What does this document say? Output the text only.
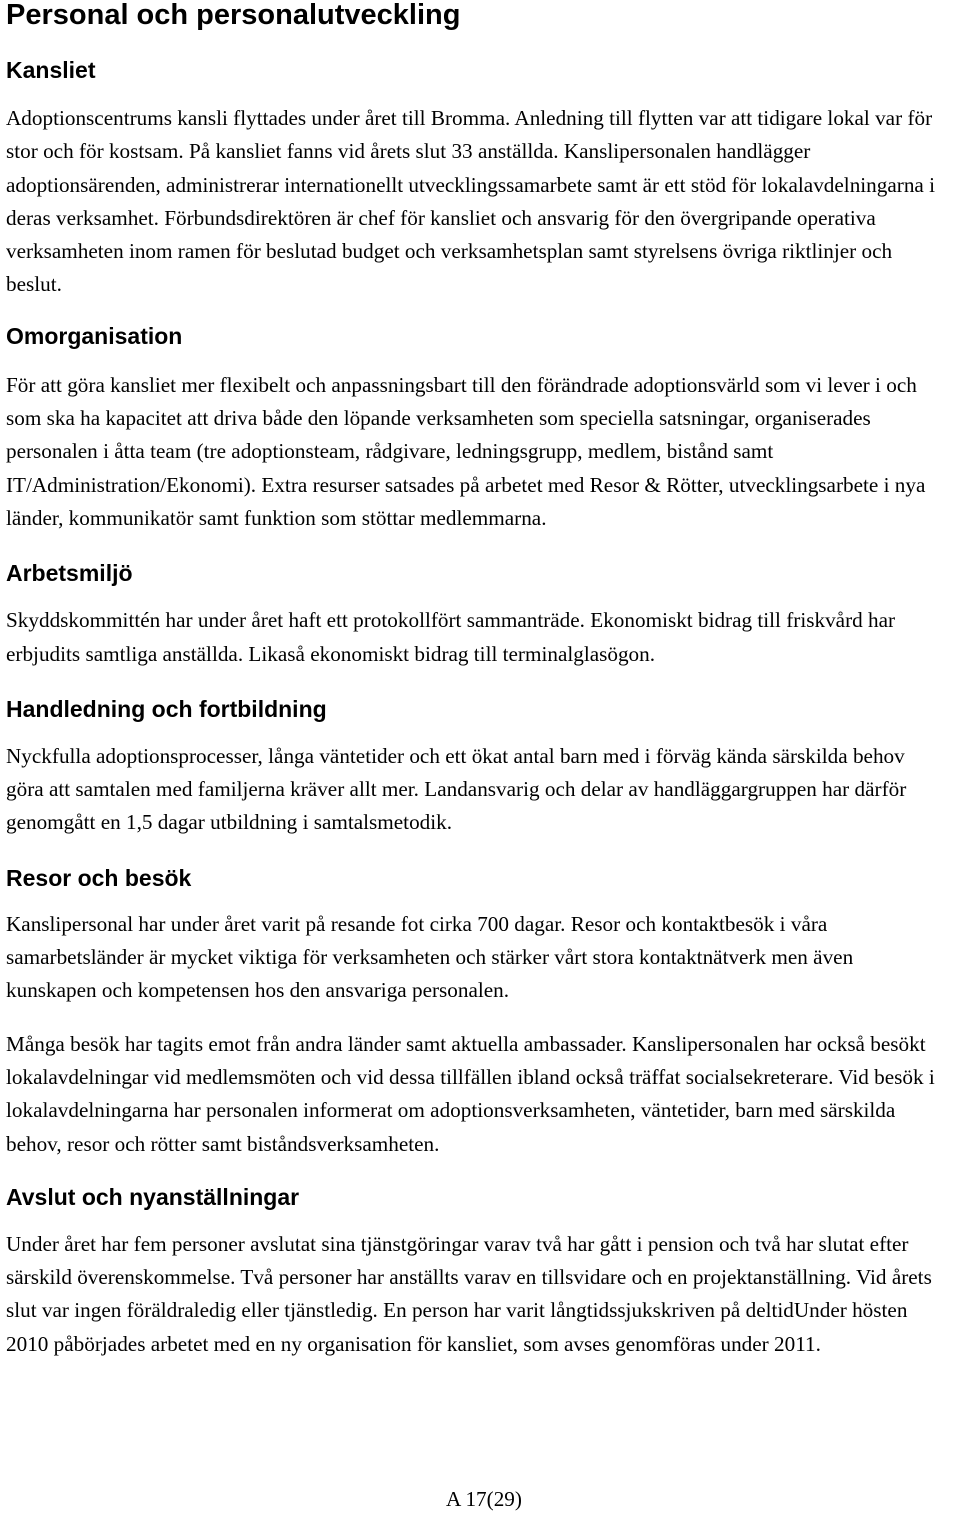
Personal och personalutveckling
Kansliet

Adoptionscentrums kansli flyttades under året till Bromma. Anledning till flytten var att tidigare lokal var för stor och för kostsam. På kansliet fanns vid årets slut 33 anställda. Kanslipersonalen handlägger adoptionsärenden, administrerar internationellt utvecklingssamarbete samt är ett stöd för lokalavdelningarna i deras verksamhet. Förbundsdirektören är chef för kansliet och ansvarig för den övergripande operativa verksamheten inom ramen för beslutad budget och verksamhetsplan samt styrelsens övriga riktlinjer och beslut.

Omorganisation

För att göra kansliet mer flexibelt och anpassningsbart till den förändrade adoptionsvärld som vi lever i och som ska ha kapacitet att driva både den löpande verksamheten som speciella satsningar, organiserades personalen i åtta team (tre adoptionsteam, rådgivare, ledningsgrupp, medlem, bistånd samt IT/Administration/Ekonomi). Extra resurser satsades på arbetet med Resor & Rötter, utvecklingsarbete i nya länder, kommunikatör samt funktion som stöttar medlemmarna.

Arbetsmiljö

Skyddskommittén har under året haft ett protokollfört sammanträde. Ekonomiskt bidrag till friskvård har erbjudits samtliga anställda. Likaså ekonomiskt bidrag till terminalglasögon.

Handledning och fortbildning

Nyckfulla adoptionsprocesser, långa väntetider och ett ökat antal barn med i förväg kända särskilda behov göra att samtalen med familjerna kräver allt mer. Landansvarig och delar av handläggargruppen har därför genomgått en 1,5 dagar utbildning i samtalsmetodik.

Resor och besök

Kanslipersonal har under året varit på resande fot cirka 700 dagar. Resor och kontaktbesök i våra samarbetsländer är mycket viktiga för verksamheten och stärker vårt stora kontaktnätverk men även kunskapen och kompetensen hos den ansvariga personalen.

Många besök har tagits emot från andra länder samt aktuella ambassader. Kanslipersonalen har också besökt lokalavdelningar vid medlemsmöten och vid dessa tillfällen ibland också träffat socialsekreterare. Vid besök i lokalavdelningarna har personalen informerat om adoptionsverksamheten, väntetider, barn med särskilda behov, resor och rötter samt biståndsverksamheten.

Avslut och nyanställningar

Under året har fem personer avslutat sina tjänstgöringar varav två har gått i pension och två har slutat efter särskild överenskommelse. Två personer har anställts varav en tillsvidare och en projektanställning. Vid årets slut var ingen föräldraledig eller tjänstledig. En person har varit långtidssjukskriven på deltidUnder hösten 2010 påbörjades arbetet med en ny organisation för kansliet, som avses genomföras under 2011.

A 17(29)
